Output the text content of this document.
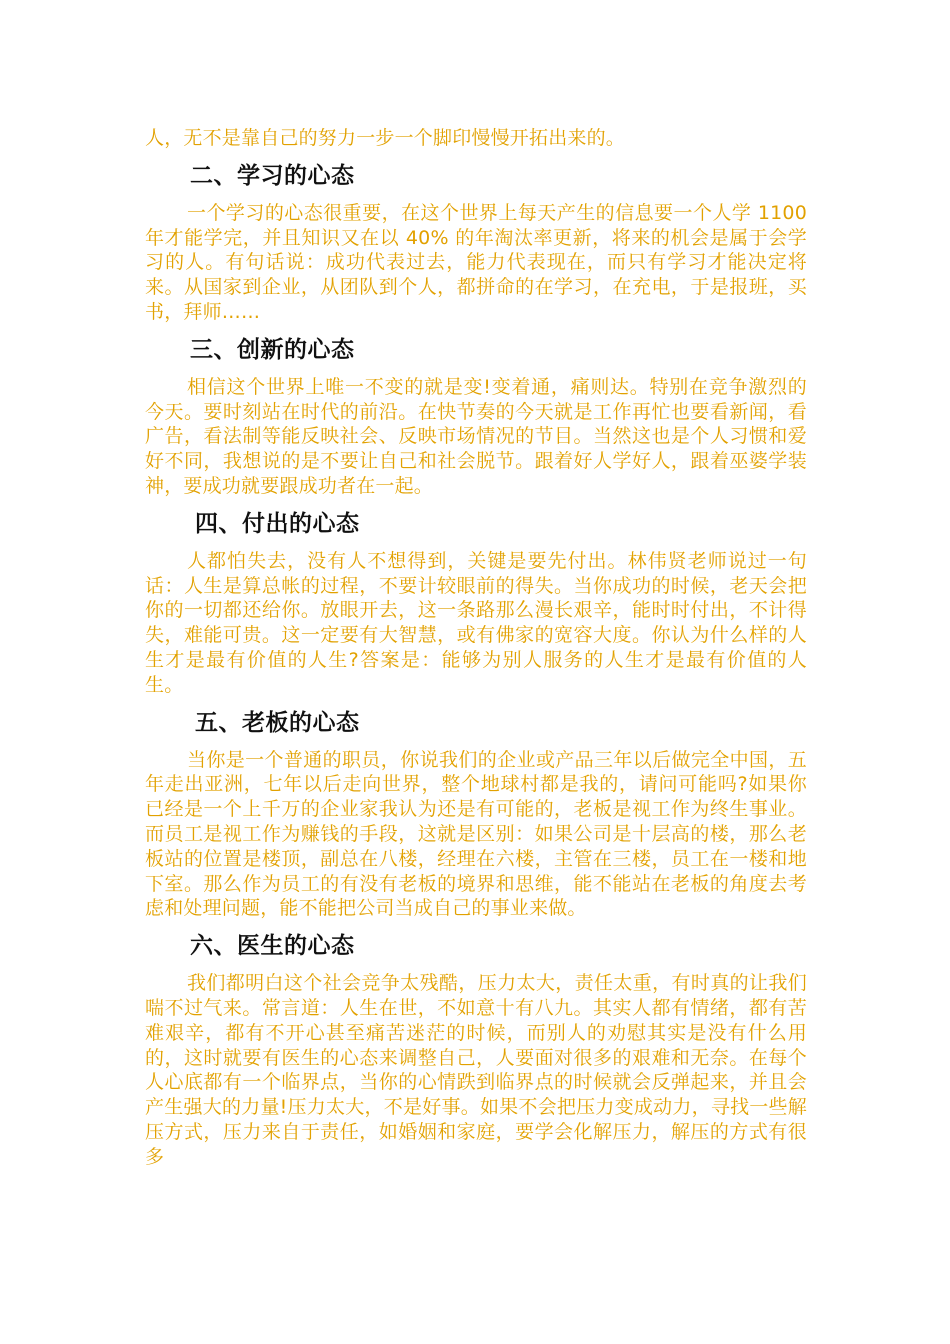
人，无不是靠自己的努力一步一个脚印慢慢开拓出来的。

二、学习的心态

一个学习的心态很重要，在这个世界上每天产生的信息要一个人学 1100 年才能学完，并且知识又在以 40% 的年淘汰率更新，将来的机会是属于会学习的人。有句话说：成功代表过去，能力代表现在，而只有学习才能决定将来。从国家到企业，从团队到个人，都拼命的在学习，在充电，于是报班，买书，拜师……

三、创新的心态

相信这个世界上唯一不变的就是变!变着通，痛则达。特别在竞争激烈的今天。要时刻站在时代的前沿。在快节奏的今天就是工作再忙也要看新闻，看广告，看法制等能反映社会、反映市场情况的节目。当然这也是个人习惯和爱好不同，我想说的是不要让自己和社会脱节。跟着好人学好人，跟着巫婆学装神，要成功就要跟成功者在一起。

四、付出的心态

人都怕失去，没有人不想得到，关键是要先付出。林伟贤老师说过一句话：人生是算总帐的过程，不要计较眼前的得失。当你成功的时候，老天会把你的一切都还给你。放眼开去，这一条路那么漫长艰辛，能时时付出，不计得失，难能可贵。这一定要有大智慧，或有佛家的宽容大度。你认为什么样的人生才是最有价值的人生?答案是：能够为别人服务的人生才是最有价值的人生。

五、老板的心态

当你是一个普通的职员，你说我们的企业或产品三年以后做完全中国，五年走出亚洲，七年以后走向世界，整个地球村都是我的，请问可能吗?如果你已经是一个上千万的企业家我认为还是有可能的，老板是视工作为终生事业。而员工是视工作为赚钱的手段，这就是区别：如果公司是十层高的楼，那么老板站的位置是楼顶，副总在八楼，经理在六楼，主管在三楼，员工在一楼和地下室。那么作为员工的有没有老板的境界和思维，能不能站在老板的角度去考虑和处理问题，能不能把公司当成自己的事业来做。

六、医生的心态

我们都明白这个社会竞争太残酷，压力太大，责任太重，有时真的让我们喘不过气来。常言道：人生在世，不如意十有八九。其实人都有情绪，都有苦难艰辛，都有不开心甚至痛苦迷茫的时候，而别人的劝慰其实是没有什么用的，这时就要有医生的心态来调整自己，人要面对很多的艰难和无奈。在每个人心底都有一个临界点，当你的心情跌到临界点的时候就会反弹起来，并且会产生强大的力量!压力太大，不是好事。如果不会把压力变成动力，寻找一些解压方式，压力来自于责任，如婚姻和家庭，要学会化解压力，解压的方式有很多
